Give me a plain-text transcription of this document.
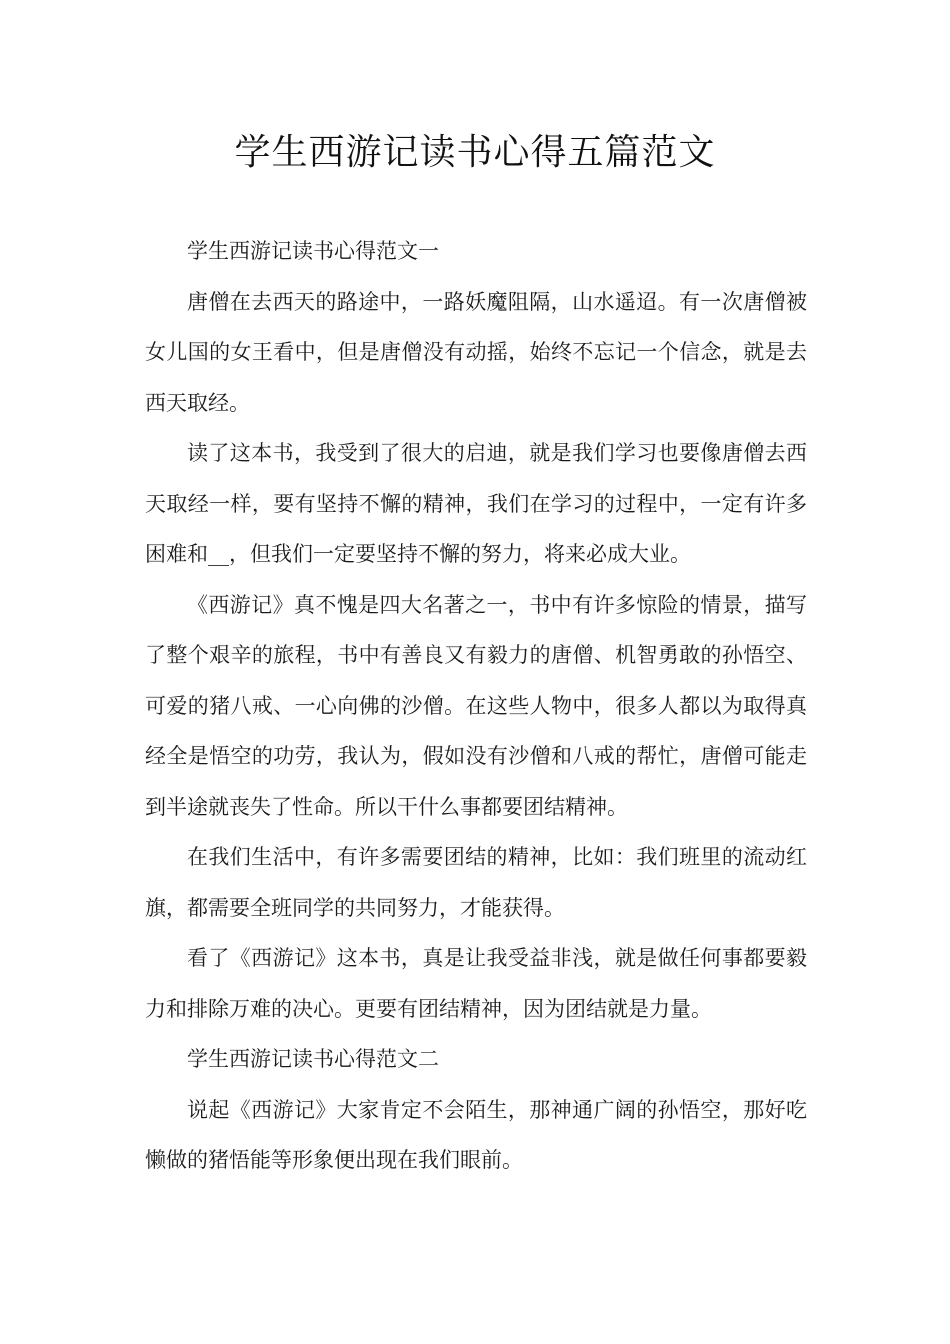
学生西游记读书心得五篇范文

学生西游记读书心得范文一

唐僧在去西天的路途中，一路妖魔阻隔，山水遥迢。有一次唐僧被女儿国的女王看中，但是唐僧没有动摇，始终不忘记一个信念，就是去西天取经。

读了这本书，我受到了很大的启迪，就是我们学习也要像唐僧去西天取经一样，要有坚持不懈的精神，我们在学习的过程中，一定有许多困难和__，但我们一定要坚持不懈的努力，将来必成大业。

《西游记》真不愧是四大名著之一，书中有许多惊险的情景，描写了整个艰辛的旅程，书中有善良又有毅力的唐僧、机智勇敢的孙悟空、可爱的猪八戒、一心向佛的沙僧。在这些人物中，很多人都以为取得真经全是悟空的功劳，我认为，假如没有沙僧和八戒的帮忙，唐僧可能走到半途就丧失了性命。所以干什么事都要团结精神。

在我们生活中，有许多需要团结的精神，比如：我们班里的流动红旗，都需要全班同学的共同努力，才能获得。

看了《西游记》这本书，真是让我受益非浅，就是做任何事都要毅力和排除万难的决心。更要有团结精神，因为团结就是力量。

学生西游记读书心得范文二

说起《西游记》大家肯定不会陌生，那神通广阔的孙悟空，那好吃懒做的猪悟能等形象便出现在我们眼前。
